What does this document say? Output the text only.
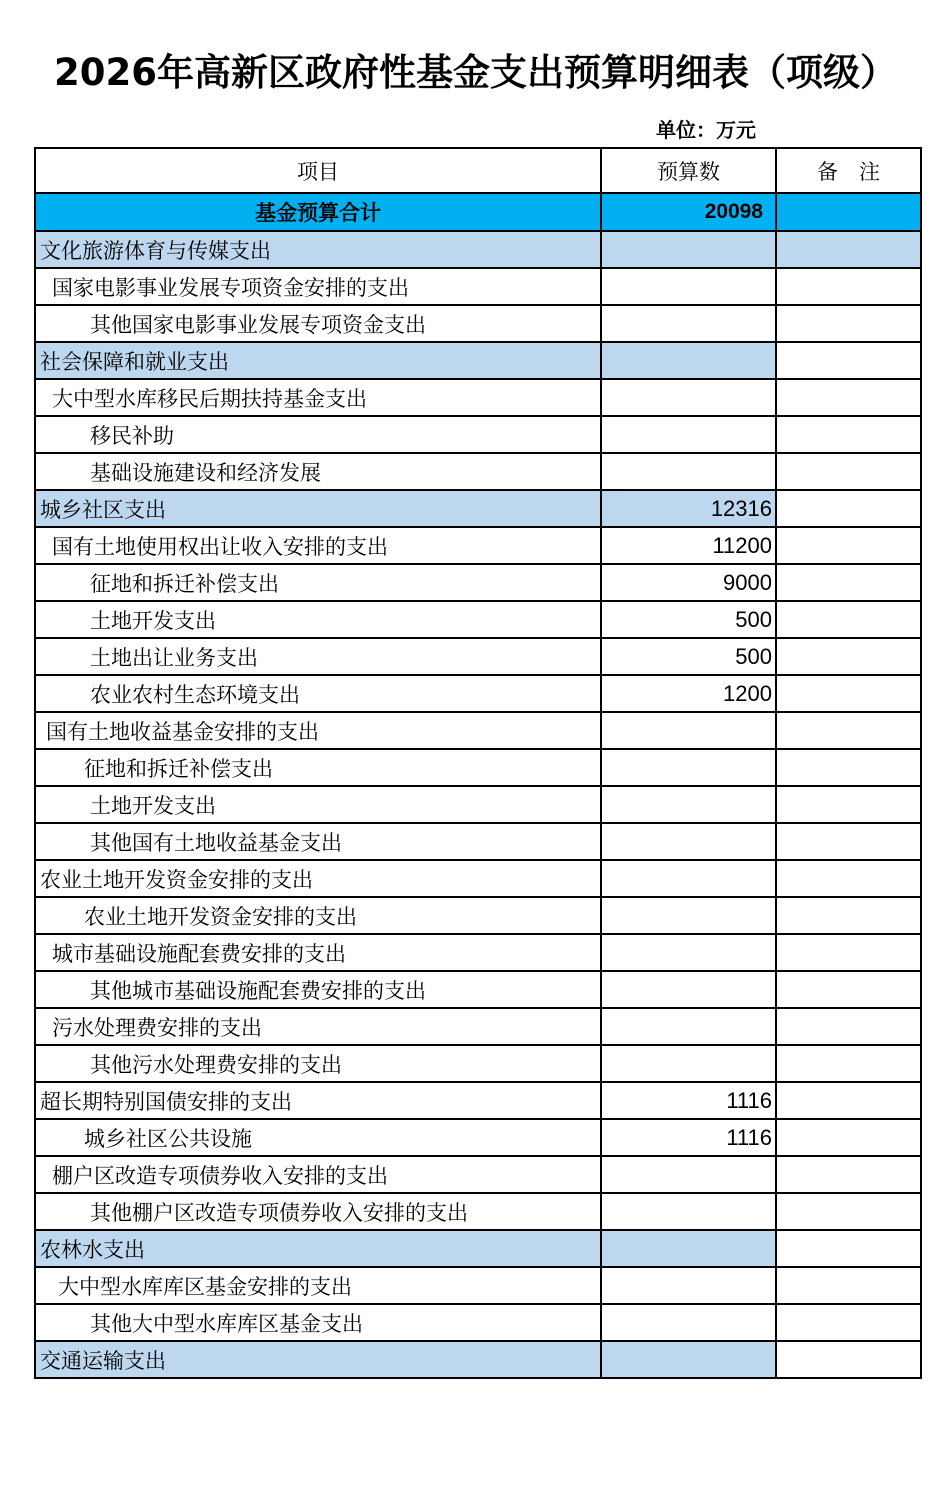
2026年高新区政府性基金支出预算明细表（项级）
单位：万元
项目	预算数	备　注
基金预算合计	20098	
文化旅游体育与传媒支出		
国家电影事业发展专项资金安排的支出		
其他国家电影事业发展专项资金支出		
社会保障和就业支出		
大中型水库移民后期扶持基金支出		
移民补助		
基础设施建设和经济发展		
城乡社区支出	12316	
国有土地使用权出让收入安排的支出	11200	
征地和拆迁补偿支出	9000	
土地开发支出	500	
土地出让业务支出	500	
农业农村生态环境支出	1200	
国有土地收益基金安排的支出		
征地和拆迁补偿支出		
土地开发支出		
其他国有土地收益基金支出		
农业土地开发资金安排的支出		
农业土地开发资金安排的支出		
城市基础设施配套费安排的支出		
其他城市基础设施配套费安排的支出		
污水处理费安排的支出		
其他污水处理费安排的支出		
超长期特别国债安排的支出	1116	
城乡社区公共设施	1116	
棚户区改造专项债券收入安排的支出		
其他棚户区改造专项债券收入安排的支出		
农林水支出		
大中型水库库区基金安排的支出		
其他大中型水库库区基金支出		
交通运输支出		
